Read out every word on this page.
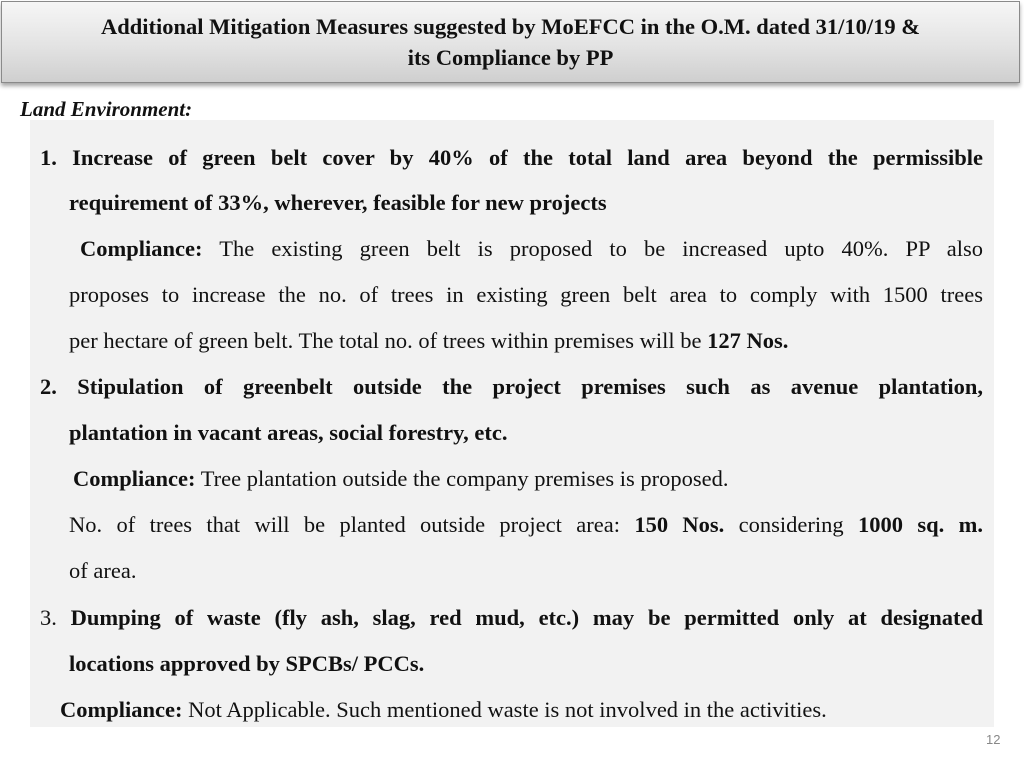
Additional Mitigation Measures suggested by MoEFCC in the O.M. dated 31/10/19 &
its Compliance by PP
Land Environment:
1. Increase of green belt cover by 40% of the total land area beyond the permissible
requirement of 33%, wherever, feasible for new projects
Compliance: The existing green belt is proposed to be increased upto 40%. PP also
proposes to increase the no. of trees in existing green belt area to comply with 1500 trees
per hectare of green belt. The total no. of trees within premises will be 127 Nos.
2. Stipulation of greenbelt outside the project premises such as avenue plantation,
plantation in vacant areas, social forestry, etc.
Compliance: Tree plantation outside the company premises is proposed.
No. of trees that will be planted outside project area: 150 Nos. considering 1000 sq. m.
of area.
3. Dumping of waste (fly ash, slag, red mud, etc.) may be permitted only at designated
locations approved by SPCBs/ PCCs.
Compliance: Not Applicable. Such mentioned waste is not involved in the activities.
12
